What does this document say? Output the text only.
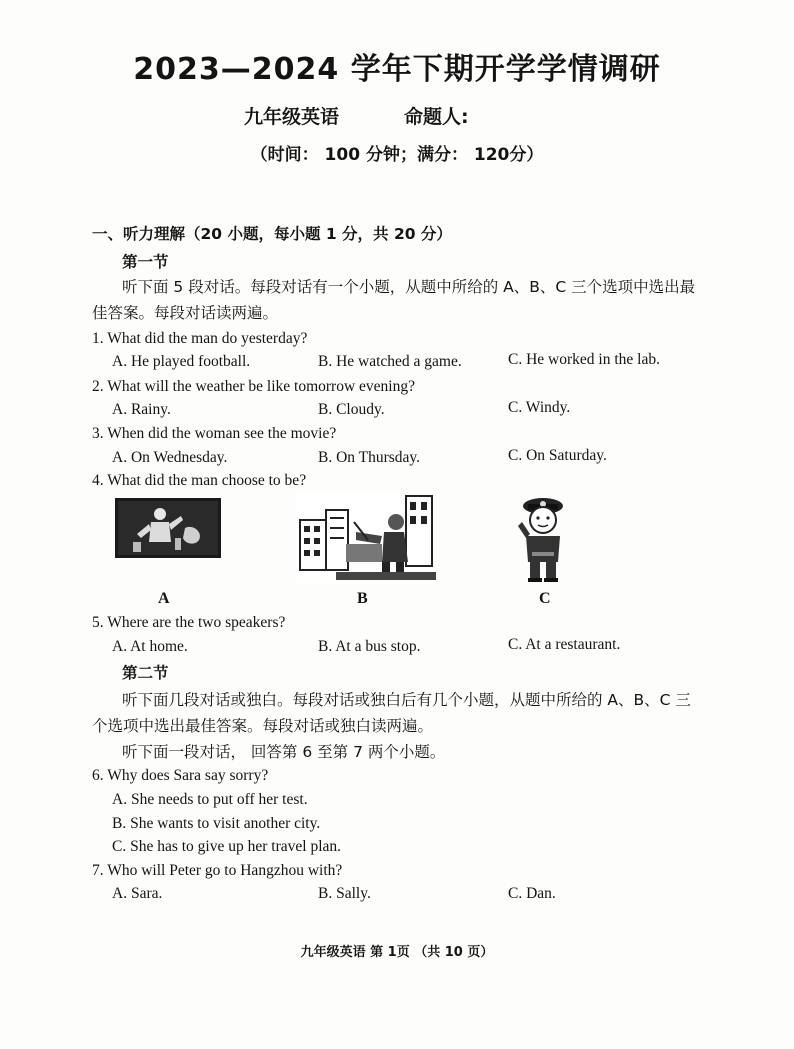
2023—2024 学年下期开学学情调研
九年级英语	命题人:
（时间： 100 分钟；满分： 120分）
一、听力理解（20 小题，每小题 1 分，共 20 分）
第一节
听下面 5 段对话。每段对话有一个小题，从题中所给的 A、B、C 三个选项中选出最
佳答案。每段对话读两遍。
1. What did the man do yesterday?
A. He played football.	B. He watched a game.	C. He worked in the lab.
2. What will the weather be like tomorrow evening?
A. Rainy.	B. Cloudy.	C. Windy.
3. When did the woman see the movie?
A. On Wednesday.	B. On Thursday.	C. On Saturday.
4. What did the man choose to be?
A	B	C
5. Where are the two speakers?
A. At home.	B. At a bus stop.	C. At a restaurant.
第二节
听下面几段对话或独白。每段对话或独白后有几个小题，从题中所给的 A、B、C 三
个选项中选出最佳答案。每段对话或独白读两遍。
听下面一段对话， 回答第 6 至第 7 两个小题。
6. Why does Sara say sorry?
A. She needs to put off her test.
B. She wants to visit another city.
C. She has to give up her travel plan.
7. Who will Peter go to Hangzhou with?
A. Sara.	B. Sally.	C. Dan.
九年级英语 第 1页 （共 10 页）
